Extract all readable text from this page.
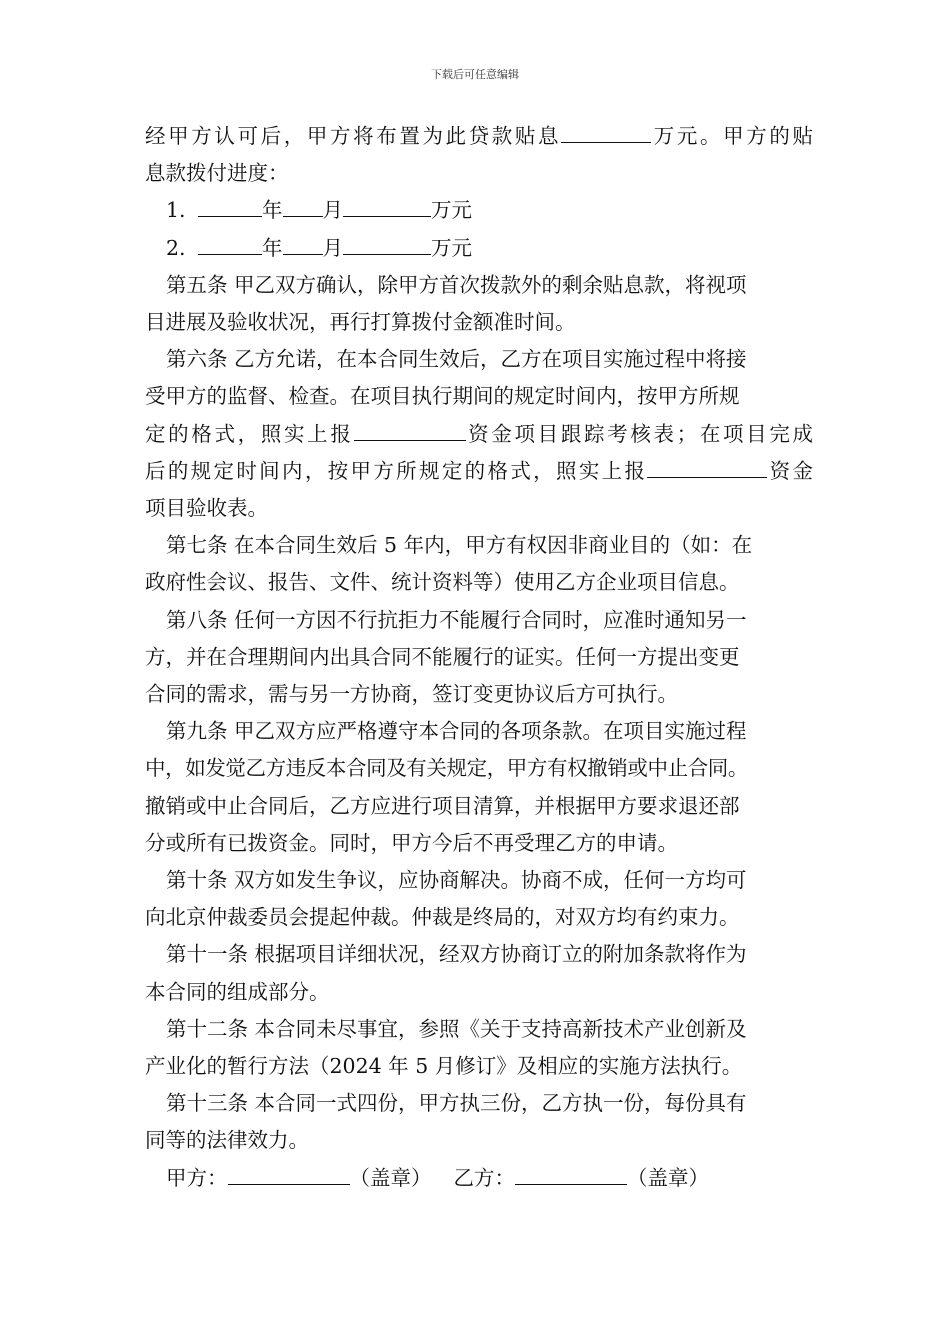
下载后可任意编辑

经甲方认可后，甲方将布置为此贷款贴息	万元。甲方的贴

息款拨付进度：

1.	年 月	万元

2.	年 月	万元

第五条 甲乙双方确认，除甲方首次拨款外的剩余贴息款，将视项

目进展及验收状况，再行打算拨付金额准时间。

第六条 乙方允诺，在本合同生效后，乙方在项目实施过程中将接

受甲方的监督、检查。在项目执行期间的规定时间内，按甲方所规

定的格式，照实上报	资金项目跟踪考核表；在项目完成

后的规定时间内，按甲方所规定的格式，照实上报	资金

项目验收表。

第七条 在本合同生效后 5 年内，甲方有权因非商业目的（如：在

政府性会议、报告、文件、统计资料等）使用乙方企业项目信息。

第八条 任何一方因不行抗拒力不能履行合同时，应准时通知另一

方，并在合理期间内出具合同不能履行的证实。任何一方提出变更

合同的需求，需与另一方协商，签订变更协议后方可执行。

第九条 甲乙双方应严格遵守本合同的各项条款。在项目实施过程

中，如发觉乙方违反本合同及有关规定，甲方有权撤销或中止合同。

撤销或中止合同后，乙方应进行项目清算，并根据甲方要求退还部

分或所有已拨资金。同时，甲方今后不再受理乙方的申请。

第十条 双方如发生争议，应协商解决。协商不成，任何一方均可

向北京仲裁委员会提起仲裁。仲裁是终局的，对双方均有约束力。

第十一条 根据项目详细状况，经双方协商订立的附加条款将作为

本合同的组成部分。

第十二条 本合同未尽事宜，参照《关于支持高新技术产业创新及

产业化的暂行方法（2024 年 5 月修订》及相应的实施方法执行。

第十三条 本合同一式四份，甲方执三份，乙方执一份，每份具有

同等的法律效力。

甲方：	（盖章） 乙方：	（盖章）
